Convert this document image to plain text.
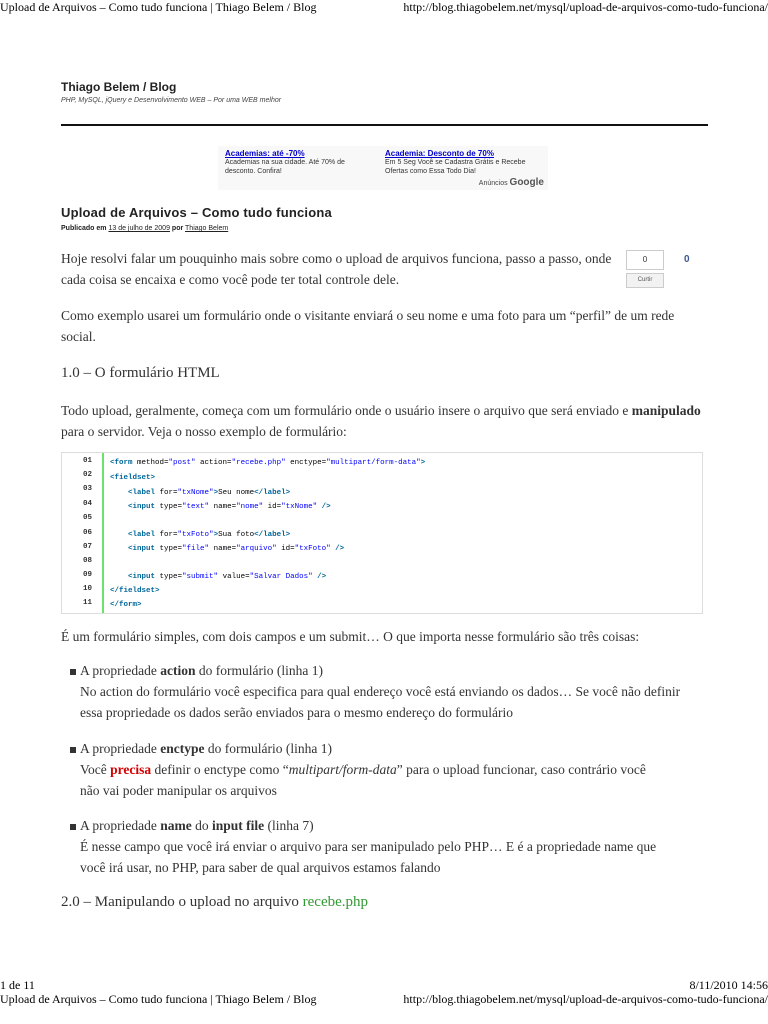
Upload de Arquivos – Como tudo funciona | Thiago Belem / Blog	http://blog.thiagobelem.net/mysql/upload-de-arquivos-como-tudo-funciona/
Thiago Belem / Blog
PHP, MySQL, jQuery e Desenvolvimento WEB – Por uma WEB melhor
Academias: até -70%
Academias na sua cidade. Até 70% de desconto. Confira!
Academia: Desconto de 70%
Em 5 Seg Você se Cadastra Grátis e Recebe Ofertas como Essa Todo Dia!
Anúncios Google
Upload de Arquivos – Como tudo funciona
Publicado em 13 de julho de 2009 por Thiago Belem
Hoje resolvi falar um pouquinho mais sobre como o upload de arquivos funciona, passo a passo, onde cada coisa se encaixa e como você pode ter total controle dele.
0
Curtir
0
Como exemplo usarei um formulário onde o visitante enviará o seu nome e uma foto para um “perfil” de um rede social.
1.0 – O formulário HTML
Todo upload, geralmente, começa com um formulário onde o usuário insere o arquivo que será enviado e manipulado para o servidor. Veja o nosso exemplo de formulário:
01
02
03
04
05
06
07
08
09
10
11
<form method="post" action="recebe.php" enctype="multipart/form-data">
<fieldset>
<label for="txNome">Seu nome</label>
<input type="text" name="nome" id="txNome" />
<label for="txFoto">Sua foto</label>
<input type="file" name="arquivo" id="txFoto" />
<input type="submit" value="Salvar Dados" />
</fieldset>
</form>
É um formulário simples, com dois campos e um submit… O que importa nesse formulário são três coisas:
A propriedade action do formulário (linha 1)
No action do formulário você especifica para qual endereço você está enviando os dados… Se você não definir
essa propriedade os dados serão enviados para o mesmo endereço do formulário
A propriedade enctype do formulário (linha 1)
Você precisa definir o enctype como “multipart/form-data” para o upload funcionar, caso contrário você
não vai poder manipular os arquivos
A propriedade name do input file (linha 7)
É nesse campo que você irá enviar o arquivo para ser manipulado pelo PHP… E é a propriedade name que
você irá usar, no PHP, para saber de qual arquivos estamos falando
2.0 – Manipulando o upload no arquivo recebe.php
1 de 11	8/11/2010 14:56
Upload de Arquivos – Como tudo funciona | Thiago Belem / Blog	http://blog.thiagobelem.net/mysql/upload-de-arquivos-como-tudo-funciona/
